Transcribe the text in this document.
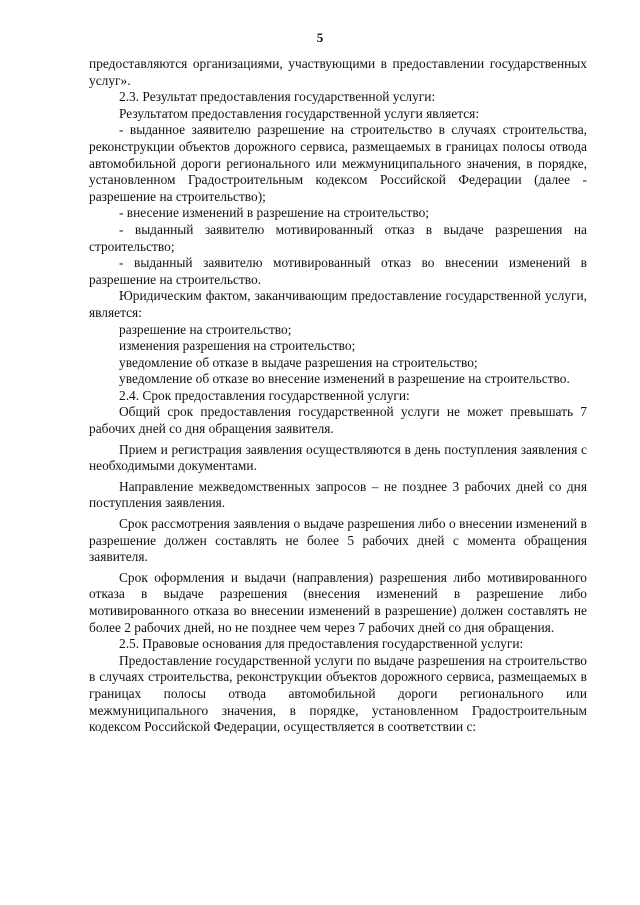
5

предоставляются организациями, участвующими в предоставлении государственных услуг».

2.3. Результат предоставления государственной услуги:

Результатом предоставления государственной услуги является:

- выданное заявителю разрешение на строительство в случаях строительства, реконструкции объектов дорожного сервиса, размещаемых в границах полосы отвода автомобильной дороги регионального или межмуниципального значения, в порядке, установленном Градостроительным кодексом Российской Федерации (далее - разрешение на строительство);

- внесение изменений в разрешение на строительство;

- выданный заявителю мотивированный отказ в выдаче разрешения на строительство;

- выданный заявителю мотивированный отказ во внесении изменений в разрешение на строительство.

Юридическим фактом, заканчивающим предоставление государственной услуги, является:

разрешение на строительство;

изменения разрешения на строительство;

уведомление об отказе в выдаче разрешения на строительство;

уведомление об отказе во внесение изменений в разрешение на строительство.

2.4. Срок предоставления государственной услуги:

Общий срок предоставления государственной услуги не может превышать 7 рабочих дней со дня обращения заявителя.

Прием и регистрация заявления осуществляются в день поступления заявления с необходимыми документами.

Направление межведомственных запросов – не позднее 3 рабочих дней со дня поступления заявления.

Срок рассмотрения заявления о выдаче разрешения либо о внесении изменений в разрешение должен составлять не более 5 рабочих дней с момента обращения заявителя.

Срок оформления и выдачи (направления) разрешения либо мотивированного отказа в выдаче разрешения (внесения изменений в разрешение либо мотивированного отказа во внесении изменений в разрешение) должен составлять не более 2 рабочих дней, но не позднее чем через 7 рабочих дней со дня обращения.

2.5. Правовые основания для предоставления государственной услуги:

Предоставление государственной услуги по выдаче разрешения на строительство в случаях строительства, реконструкции объектов дорожного сервиса, размещаемых в границах полосы отвода автомобильной дороги регионального или межмуниципального значения, в порядке, установленном Градостроительным кодексом Российской Федерации, осуществляется в соответствии с:
